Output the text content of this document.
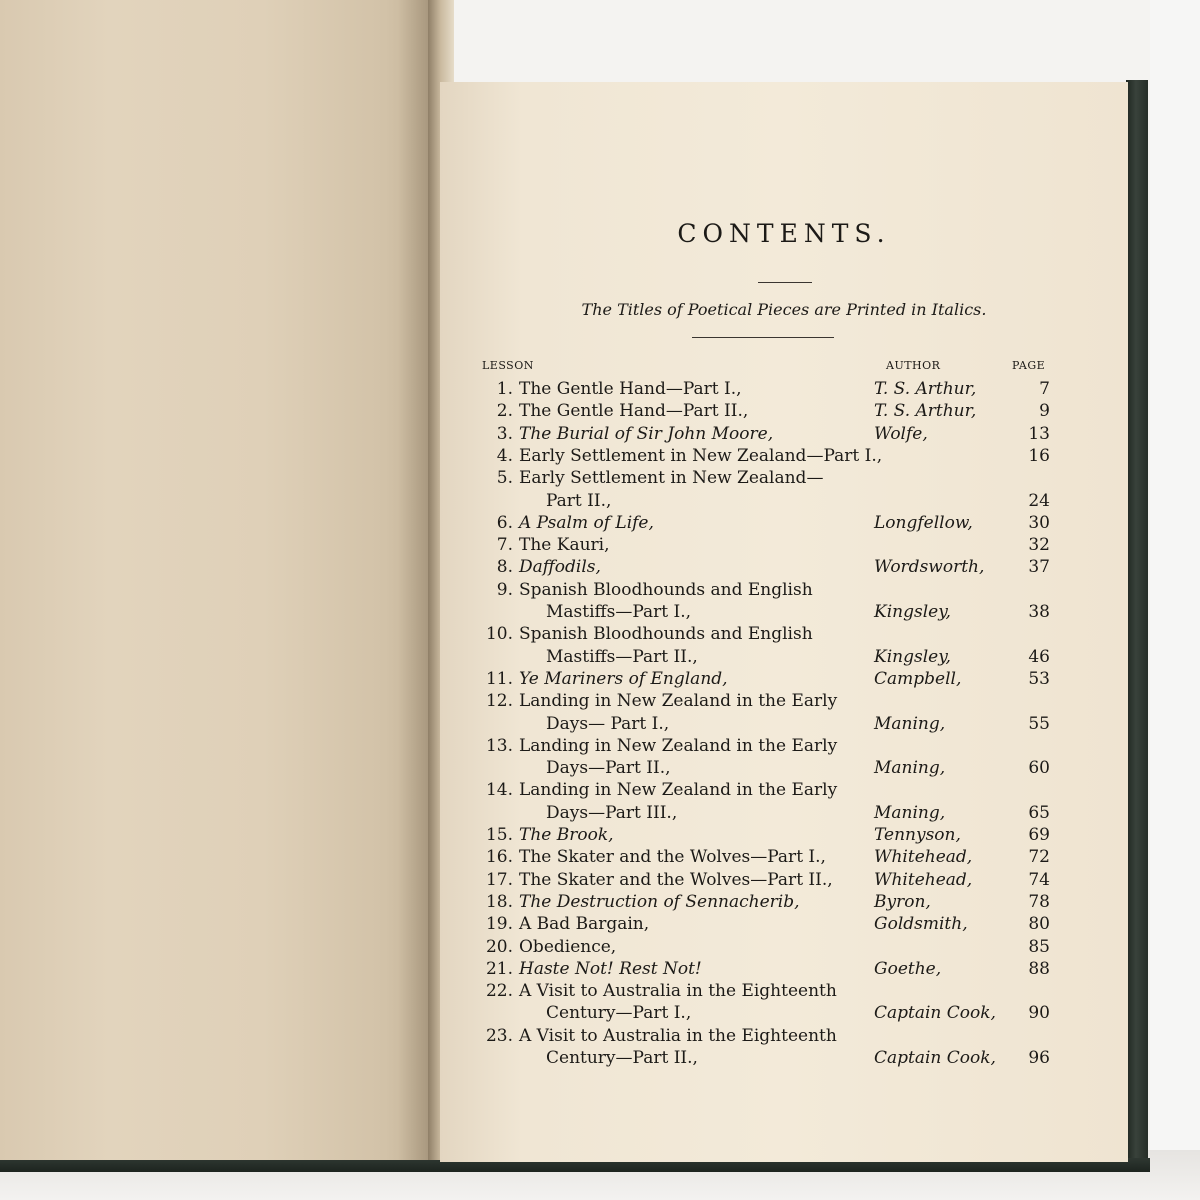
CONTENTS.
The Titles of Poetical Pieces are Printed in Italics.
LESSON	AUTHOR	PAGE
1. The Gentle Hand—Part I.,	T. S. Arthur,	7
2. The Gentle Hand—Part II.,	T. S. Arthur,	9
3. The Burial of Sir John Moore,	Wolfe,	13
4. Early Settlement in New Zealand—Part I.,	16
5. Early Settlement in New Zealand—
Part II.,	24
6. A Psalm of Life,	Longfellow,	30
7. The Kauri,	32
8. Daffodils,	Wordsworth,	37
9. Spanish Bloodhounds and English
Mastiffs—Part I.,	Kingsley,	38
10. Spanish Bloodhounds and English
Mastiffs—Part II.,	Kingsley,	46
11. Ye Mariners of England,	Campbell,	53
12. Landing in New Zealand in the Early
Days— Part I.,	Maning,	55
13. Landing in New Zealand in the Early
Days—Part II.,	Maning,	60
14. Landing in New Zealand in the Early
Days—Part III.,	Maning,	65
15. The Brook,	Tennyson,	69
16. The Skater and the Wolves—Part I.,	Whitehead,	72
17. The Skater and the Wolves—Part II., Whitehead,	74
18. The Destruction of Sennacherib,	Byron,	78
19. A Bad Bargain,	Goldsmith,	80
20. Obedience,	85
21. Haste Not! Rest Not!	Goethe,	88
22. A Visit to Australia in the Eighteenth
Century—Part I.,	Captain Cook, 90
23. A Visit to Australia in the Eighteenth
Century—Part II.,	Captain Cook, 96
